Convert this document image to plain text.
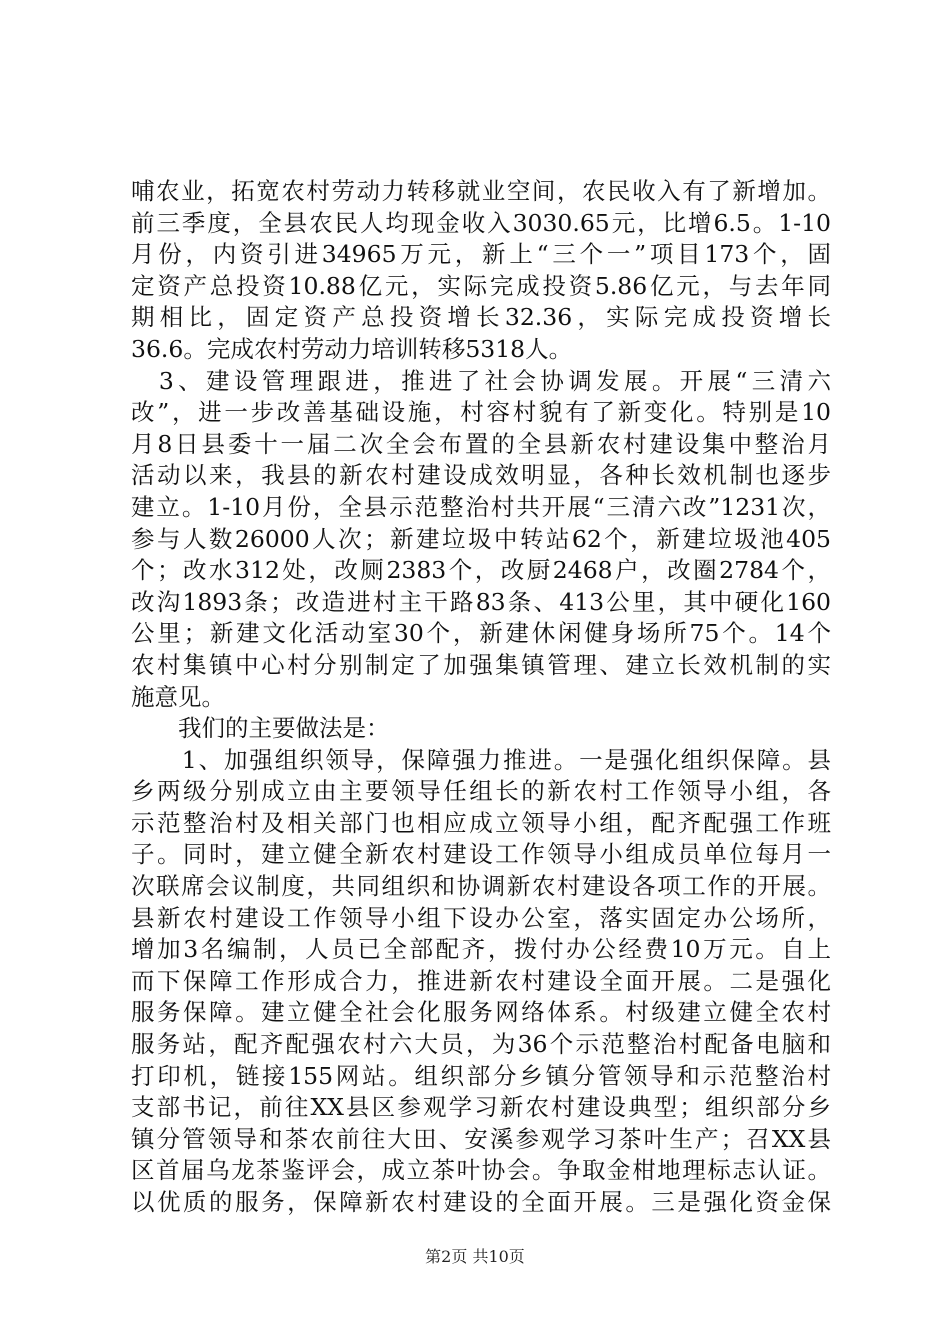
哺农业，拓宽农村劳动力转移就业空间，农民收入有了新增加。
前三季度，全县农民人均现金收入3030.65元，比增6.5。1-10
月份，内资引进34965万元，新上“三个一”项目173个，固
定资产总投资10.88亿元，实际完成投资5.86亿元，与去年同
期相比，固定资产总投资增长32.36，实际完成投资增长
36.6。完成农村劳动力培训转移5318人。
　3、建设管理跟进，推进了社会协调发展。开展“三清六
改”，进一步改善基础设施，村容村貌有了新变化。特别是10
月8日县委十一届二次全会布置的全县新农村建设集中整治月
活动以来，我县的新农村建设成效明显，各种长效机制也逐步
建立。1-10月份，全县示范整治村共开展“三清六改”1231次，
参与人数26000人次；新建垃圾中转站62个，新建垃圾池405
个；改水312处，改厕2383个，改厨2468户，改圈2784个，
改沟1893条；改造进村主干路83条、413公里，其中硬化160
公里；新建文化活动室30个，新建休闲健身场所75个。14个
农村集镇中心村分别制定了加强集镇管理、建立长效机制的实
施意见。
　　我们的主要做法是：
　　1、加强组织领导，保障强力推进。一是强化组织保障。县
乡两级分别成立由主要领导任组长的新农村工作领导小组，各
示范整治村及相关部门也相应成立领导小组，配齐配强工作班
子。同时，建立健全新农村建设工作领导小组成员单位每月一
次联席会议制度，共同组织和协调新农村建设各项工作的开展。
县新农村建设工作领导小组下设办公室，落实固定办公场所，
增加3名编制，人员已全部配齐，拨付办公经费10万元。自上
而下保障工作形成合力，推进新农村建设全面开展。二是强化
服务保障。建立健全社会化服务网络体系。村级建立健全农村
服务站，配齐配强农村六大员，为36个示范整治村配备电脑和
打印机，链接155网站。组织部分乡镇分管领导和示范整治村
支部书记，前往XX县区参观学习新农村建设典型；组织部分乡
镇分管领导和茶农前往大田、安溪参观学习茶叶生产；召XX县
区首届乌龙茶鉴评会，成立茶叶协会。争取金柑地理标志认证。
以优质的服务，保障新农村建设的全面开展。三是强化资金保
第2页 共10页
